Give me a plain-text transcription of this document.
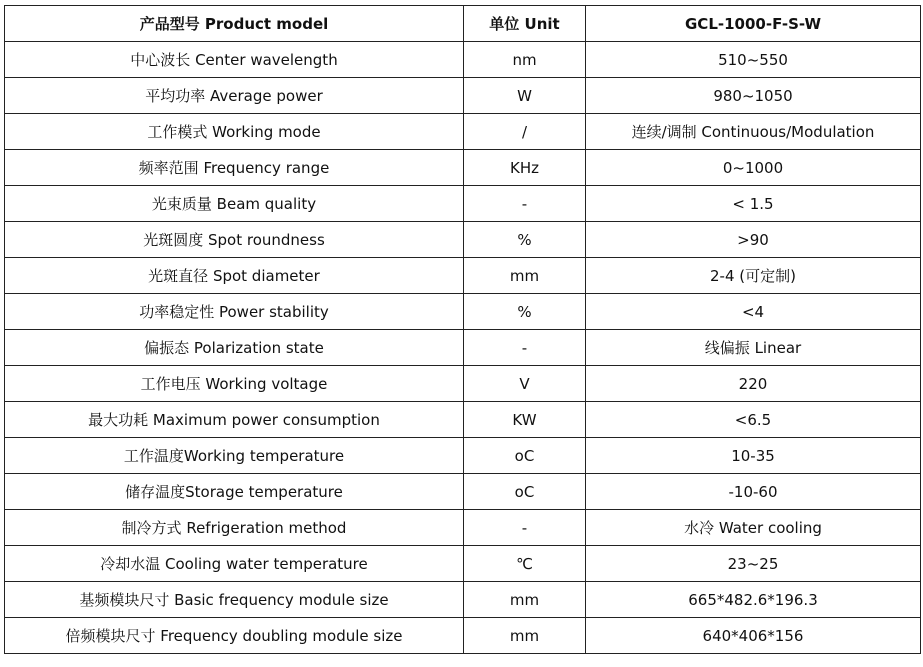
产品型号 Product model	单位 Unit	GCL-1000-F-S-W
中心波长 Center wavelength	nm	510~550
平均功率 Average power	W	980~1050
工作模式 Working mode	/	连续/调制 Continuous/Modulation
频率范围 Frequency range	KHz	0~1000
光束质量 Beam quality	-	< 1.5
光斑圆度 Spot roundness	%	>90
光斑直径 Spot diameter	mm	2-4 (可定制)
功率稳定性 Power stability	%	<4
偏振态 Polarization state	-	线偏振 Linear
工作电压 Working voltage	V	220
最大功耗 Maximum power consumption	KW	<6.5
工作温度Working temperature	oC	10-35
储存温度Storage temperature	oC	-10-60
制冷方式 Refrigeration method	-	水冷 Water cooling
冷却水温 Cooling water temperature	℃	23~25
基频模块尺寸 Basic frequency module size	mm	665*482.6*196.3
倍频模块尺寸 Frequency doubling module size	mm	640*406*156
